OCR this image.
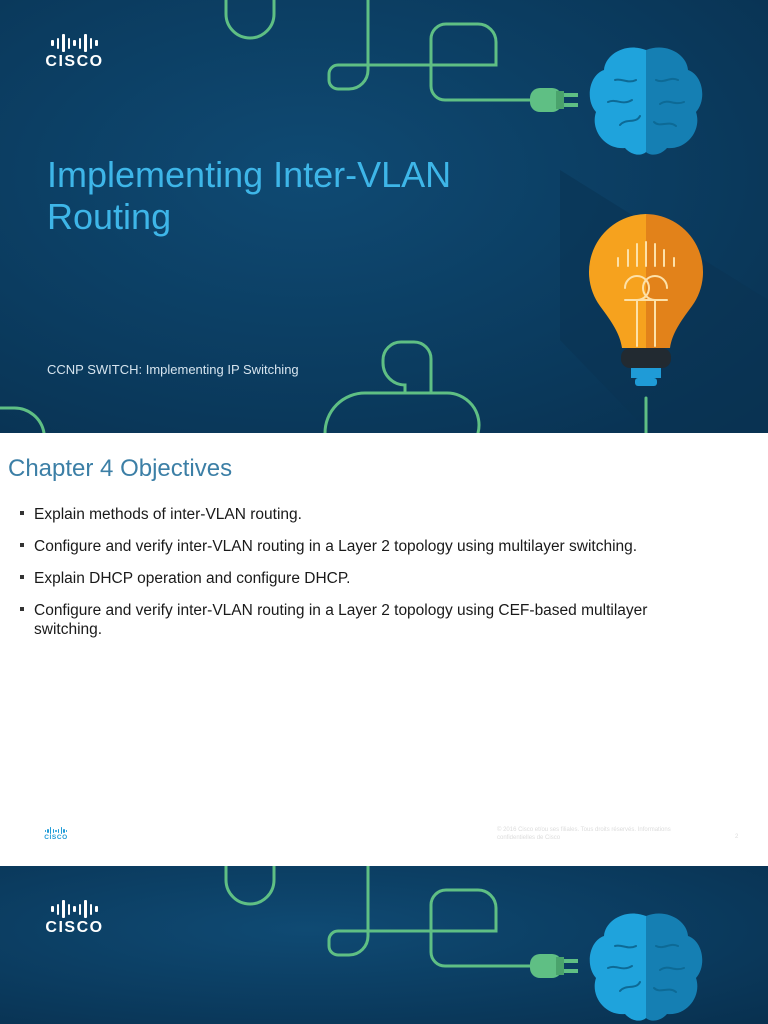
CISCO
Implementing Inter-VLAN Routing
CCNP SWITCH: Implementing IP Switching
Chapter 4 Objectives
Explain methods of inter-VLAN routing.
Configure and verify inter-VLAN routing in a Layer 2 topology using multilayer switching.
Explain DHCP operation and configure DHCP.
Configure and verify inter-VLAN routing in a Layer 2 topology using CEF-based multilayer switching.
CISCO
© 2016 Cisco et/ou ses filiales. Tous droits réservés. Informations confidentielles de Cisco	2
CISCO
